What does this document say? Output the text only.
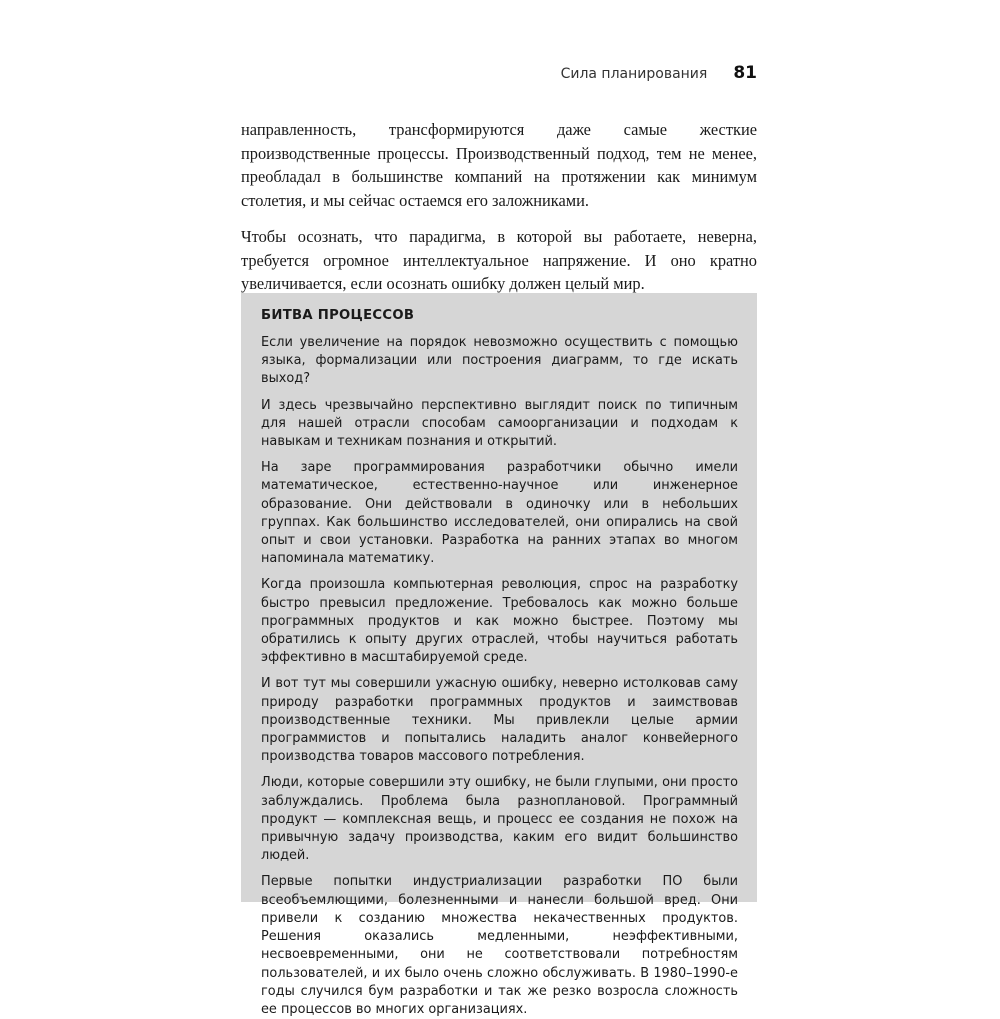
Сила планирования 81

направленность, трансформируются даже самые жесткие производственные процессы. Производственный подход, тем не менее, преобладал в большинстве компаний на протяжении как минимум столетия, и мы сейчас остаемся его заложниками.

Чтобы осознать, что парадигма, в которой вы работаете, неверна, требуется огромное интеллектуальное напряжение. И оно кратно увеличивается, если осознать ошибку должен целый мир.

БИТВА ПРОЦЕССОВ

Если увеличение на порядок невозможно осуществить с помощью языка, формализации или построения диаграмм, то где искать выход?

И здесь чрезвычайно перспективно выглядит поиск по типичным для нашей отрасли способам самоорганизации и подходам к навыкам и техникам познания и открытий.

На заре программирования разработчики обычно имели математическое, естественно-научное или инженерное образование. Они действовали в одиночку или в небольших группах. Как большинство исследователей, они опирались на свой опыт и свои установки. Разработка на ранних этапах во многом напоминала математику.

Когда произошла компьютерная революция, спрос на разработку быстро превысил предложение. Требовалось как можно больше программных продуктов и как можно быстрее. Поэтому мы обратились к опыту других отраслей, чтобы научиться работать эффективно в масштабируемой среде.

И вот тут мы совершили ужасную ошибку, неверно истолковав саму природу разработки программных продуктов и заимствовав производственные техники. Мы привлекли целые армии программистов и попытались наладить аналог конвейерного производства товаров массового потребления.

Люди, которые совершили эту ошибку, не были глупыми, они просто заблуждались. Проблема была разноплановой. Программный продукт — комплексная вещь, и процесс ее создания не похож на привычную задачу производства, каким его видит большинство людей.

Первые попытки индустриализации разработки ПО были всеобъемлющими, болезненными и нанесли большой вред. Они привели к созданию множества некачественных продуктов. Решения оказались медленными, неэффективными, несвоевременными, они не соответствовали потребностям пользователей, и их было очень сложно обслуживать. В 1980–1990-е годы случился бум разработки и так же резко возросла сложность ее процессов во многих организациях.
